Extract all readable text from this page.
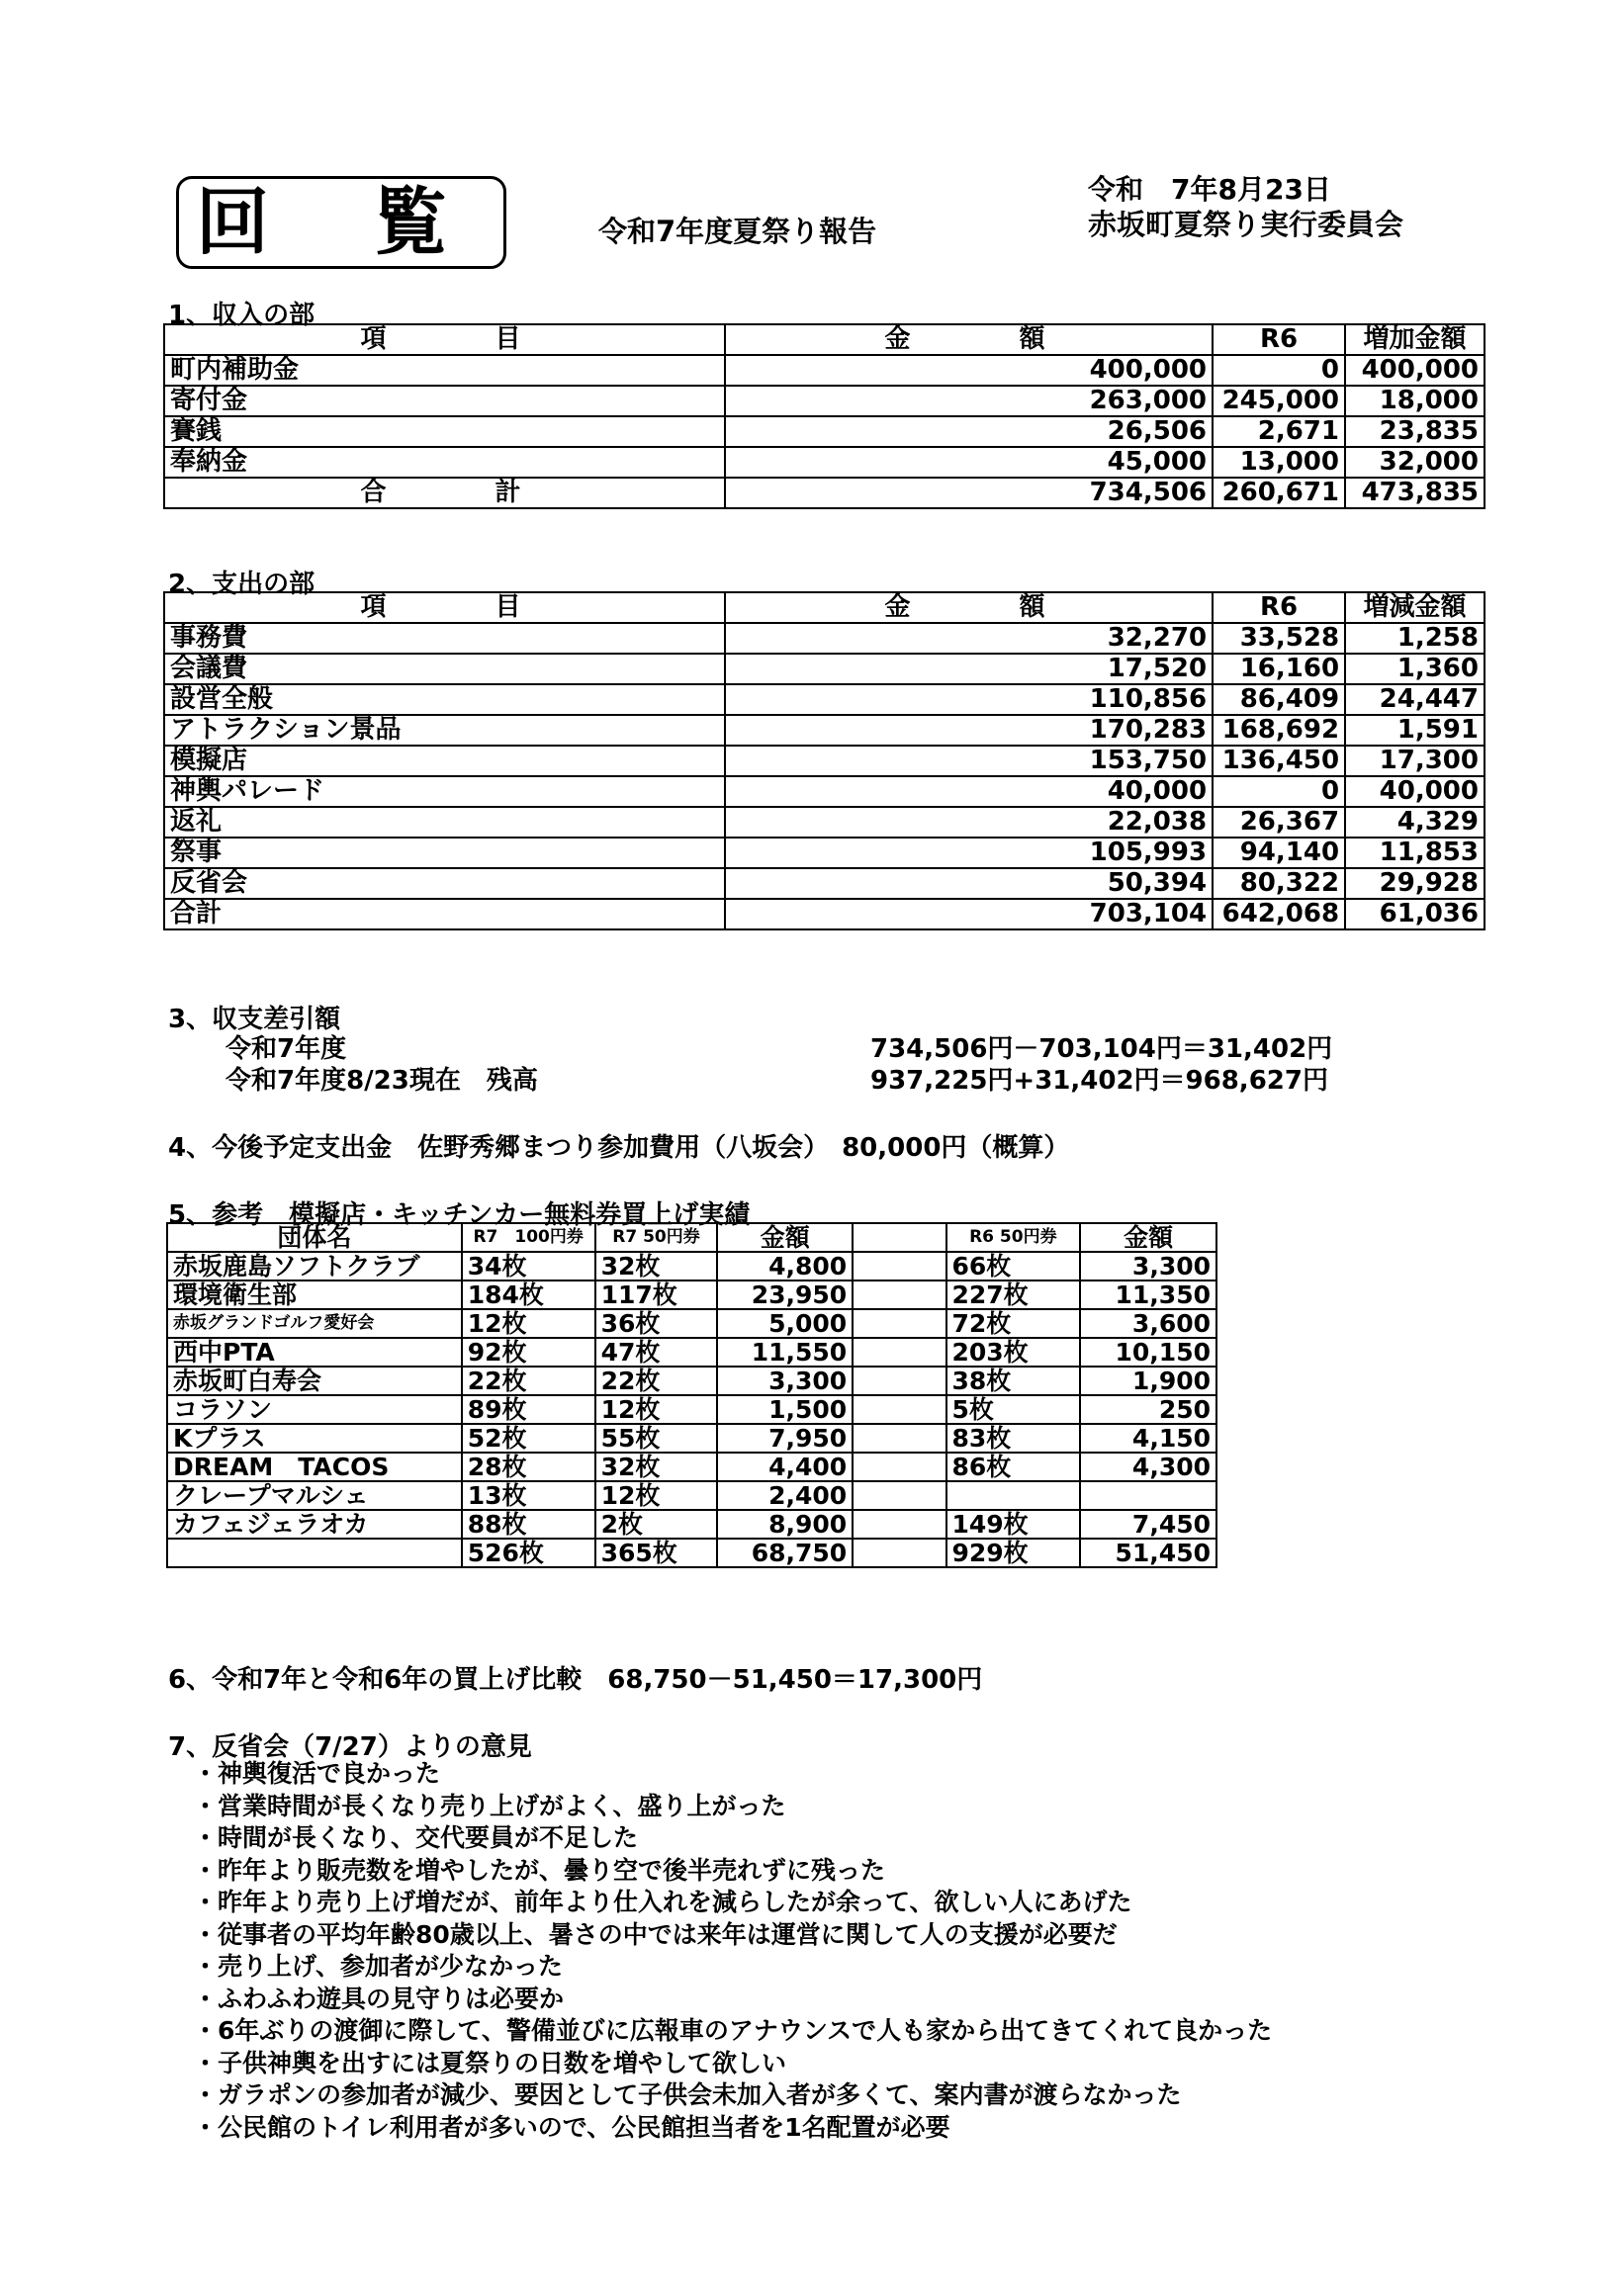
回 覧	令和7年度夏祭り報告
令和　7年8月23日
赤坂町夏祭り実行委員会
1、収入の部
項　　　目	金　　　額	R6	増加金額
町内補助金	400,000	0	400,000
寄付金	263,000	245,000	18,000
賽銭	26,506	2,671	23,835
奉納金	45,000	13,000	32,000
合　　　計	734,506	260,671	473,835
2、支出の部
項　　　目	金　　　額	R6	増減金額
事務費	32,270	33,528	1,258
会議費	17,520	16,160	1,360
設営全般	110,856	86,409	24,447
アトラクション景品	170,283	168,692	1,591
模擬店	153,750	136,450	17,300
神輿パレード	40,000	0	40,000
返礼	22,038	26,367	4,329
祭事	105,993	94,140	11,853
反省会	50,394	80,322	29,928
合計	703,104	642,068	61,036
3、収支差引額
令和7年度	734,506円－703,104円＝31,402円
令和7年度8/23現在　残高	937,225円+31,402円＝968,627円
4、今後予定支出金　佐野秀郷まつり参加費用（八坂会）　80,000円（概算）
5、参考　模擬店・キッチンカー無料券買上げ実績
団体名	R7　100円券	R7 50円券	金額		R6 50円券	金額
赤坂鹿島ソフトクラブ	34枚	32枚	4,800		66枚	3,300
環境衛生部	184枚	117枚	23,950		227枚	11,350
赤坂グランドゴルフ愛好会	12枚	36枚	5,000		72枚	3,600
西中PTA	92枚	47枚	11,550		203枚	10,150
赤坂町白寿会	22枚	22枚	3,300		38枚	1,900
コラソン	89枚	12枚	1,500		5枚	250
Kプラス	52枚	55枚	7,950		83枚	4,150
DREAM　TACOS	28枚	32枚	4,400		86枚	4,300
クレープマルシェ	13枚	12枚	2,400			
カフェジェラオカ	88枚	2枚	8,900		149枚	7,450
	526枚	365枚	68,750		929枚	51,450
6、令和7年と令和6年の買上げ比較　68,750－51,450＝17,300円
7、反省会（7/27）よりの意見
・神輿復活で良かった
・営業時間が長くなり売り上げがよく、盛り上がった
・時間が長くなり、交代要員が不足した
・昨年より販売数を増やしたが、曇り空で後半売れずに残った
・昨年より売り上げ増だが、前年より仕入れを減らしたが余って、欲しい人にあげた
・従事者の平均年齢80歳以上、暑さの中では来年は運営に関して人の支援が必要だ
・売り上げ、参加者が少なかった
・ふわふわ遊具の見守りは必要か
・6年ぶりの渡御に際して、警備並びに広報車のアナウンスで人も家から出てきてくれて良かった
・子供神輿を出すには夏祭りの日数を増やして欲しい
・ガラポンの参加者が減少、要因として子供会未加入者が多くて、案内書が渡らなかった
・公民館のトイレ利用者が多いので、公民館担当者を1名配置が必要
